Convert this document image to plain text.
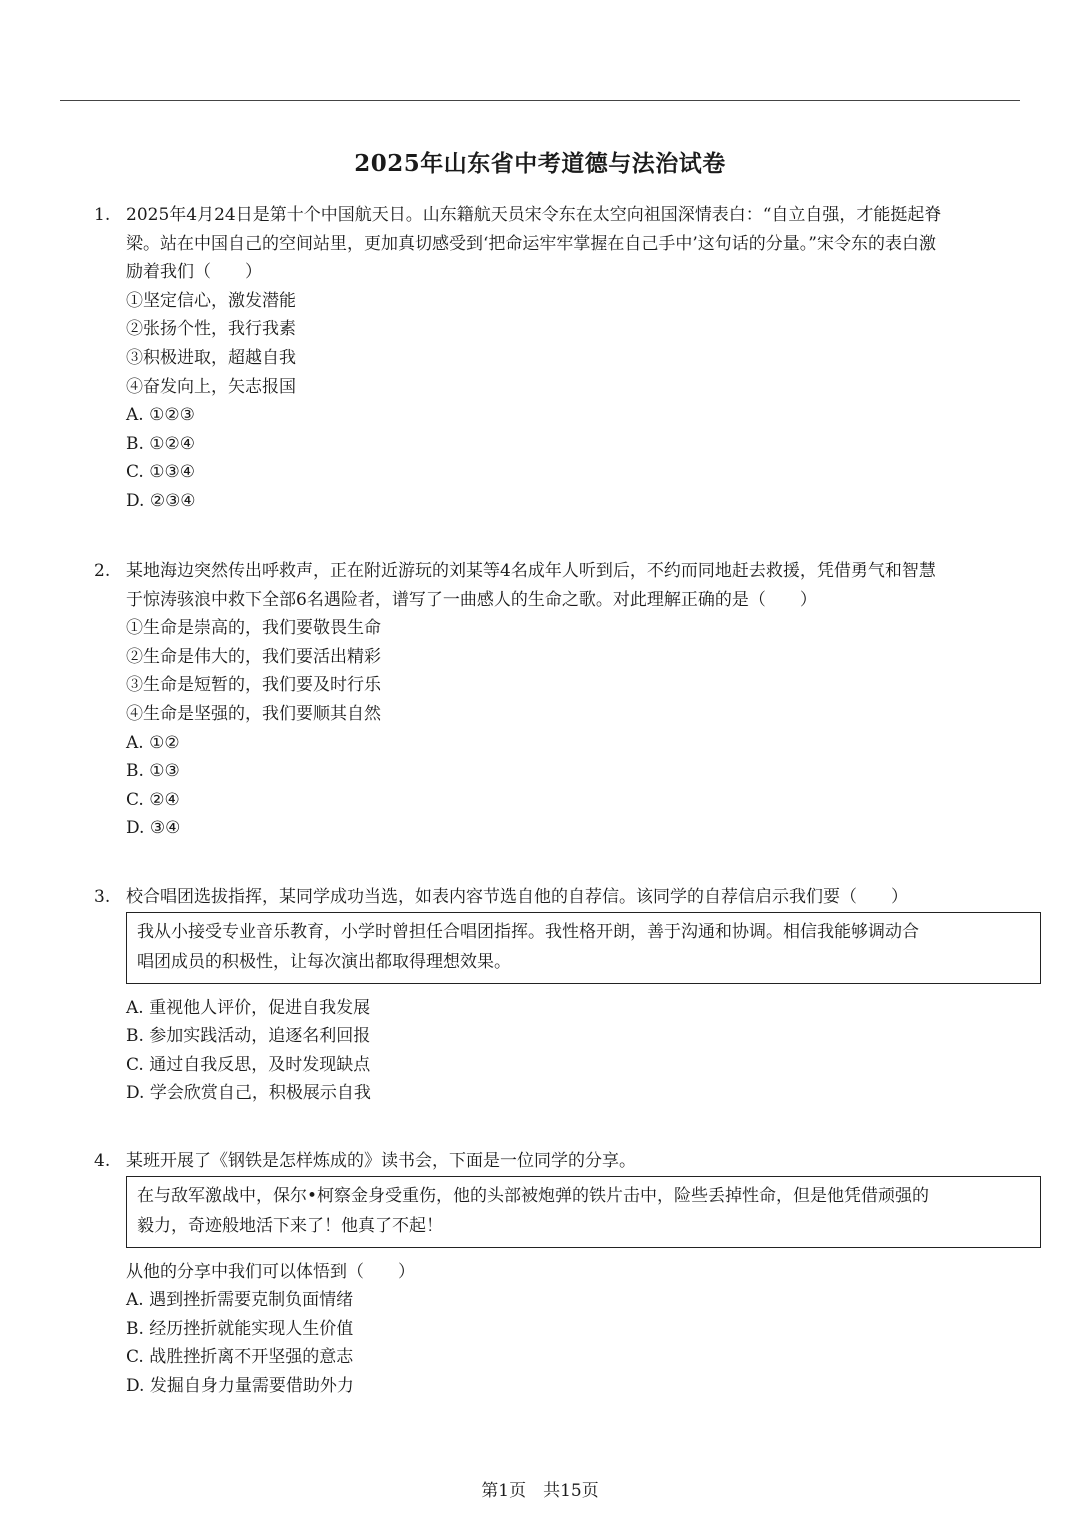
2025年山东省中考道德与法治试卷
1. 2025年4月24日是第十个中国航天日。山东籍航天员宋令东在太空向祖国深情表白：“自立自强，才能挺起脊
梁。站在中国自己的空间站里，更加真切感受到‘把命运牢牢掌握在自己手中’这句话的分量。”宋令东的表白激
励着我们（　　）
①坚定信心，激发潜能
②张扬个性，我行我素
③积极进取，超越自我
④奋发向上，矢志报国
A. ①②③
B. ①②④
C. ①③④
D. ②③④
2. 某地海边突然传出呼救声，正在附近游玩的刘某等4名成年人听到后，不约而同地赶去救援，凭借勇气和智慧
于惊涛骇浪中救下全部6名遇险者，谱写了一曲感人的生命之歌。对此理解正确的是（　　）
①生命是崇高的，我们要敬畏生命
②生命是伟大的，我们要活出精彩
③生命是短暂的，我们要及时行乐
④生命是坚强的，我们要顺其自然
A. ①②
B. ①③
C. ②④
D. ③④
3. 校合唱团选拔指挥，某同学成功当选，如表内容节选自他的自荐信。该同学的自荐信启示我们要（　　）
我从小接受专业音乐教育，小学时曾担任合唱团指挥。我性格开朗，善于沟通和协调。相信我能够调动合
唱团成员的积极性，让每次演出都取得理想效果。
A. 重视他人评价，促进自我发展
B. 参加实践活动，追逐名利回报
C. 通过自我反思，及时发现缺点
D. 学会欣赏自己，积极展示自我
4. 某班开展了《钢铁是怎样炼成的》读书会，下面是一位同学的分享。
在与敌军激战中，保尔•柯察金身受重伤，他的头部被炮弹的铁片击中，险些丢掉性命，但是他凭借顽强的
毅力，奇迹般地活下来了！他真了不起！
从他的分享中我们可以体悟到（　　）
A. 遇到挫折需要克制负面情绪
B. 经历挫折就能实现人生价值
C. 战胜挫折离不开坚强的意志
D. 发掘自身力量需要借助外力
第1页　共15页
